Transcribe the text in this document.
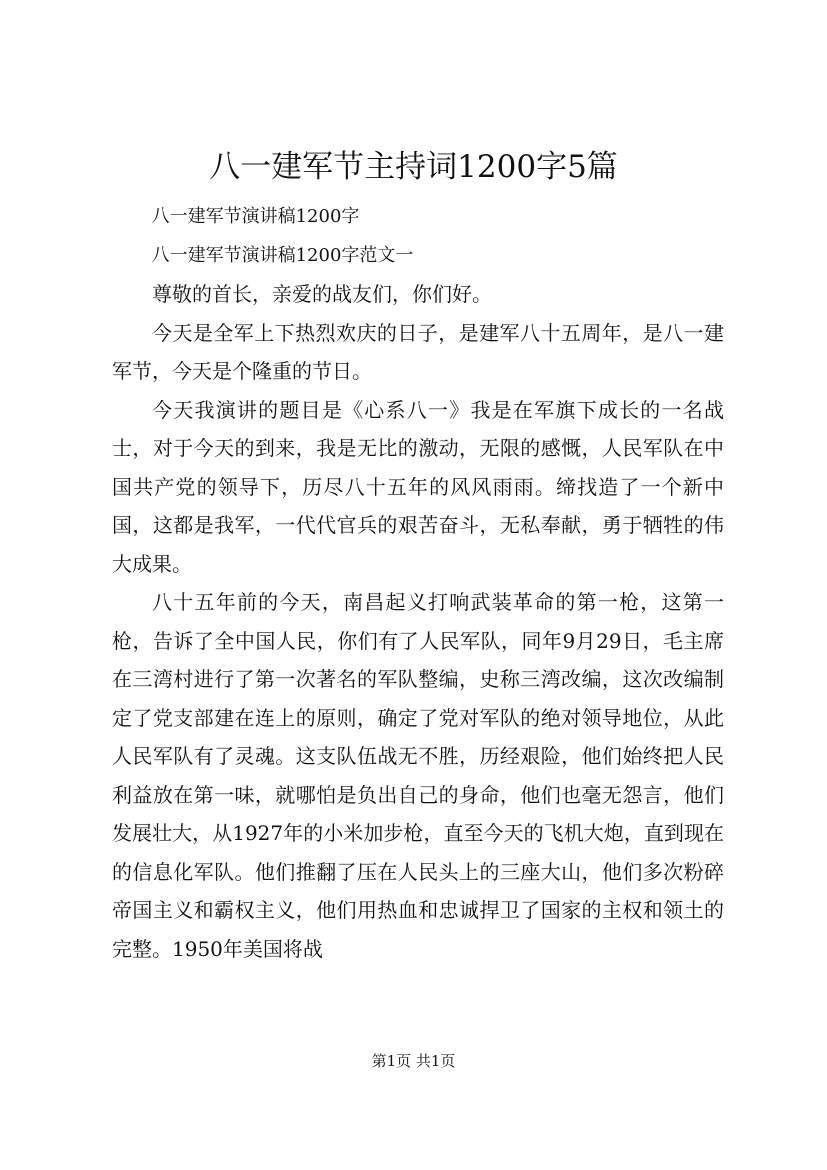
八一建军节主持词1200字5篇

八一建军节演讲稿1200字

八一建军节演讲稿1200字范文一

尊敬的首长，亲爱的战友们，你们好。

今天是全军上下热烈欢庆的日子，是建军八十五周年，是八一建军节，今天是个隆重的节日。

今天我演讲的题目是《心系八一》我是在军旗下成长的一名战士，对于今天的到来，我是无比的激动，无限的感慨，人民军队在中国共产党的领导下，历尽八十五年的风风雨雨。缔找造了一个新中国，这都是我军，一代代官兵的艰苦奋斗，无私奉献，勇于牺牲的伟大成果。

八十五年前的今天，南昌起义打响武装革命的第一枪，这第一枪，告诉了全中国人民，你们有了人民军队，同年9月29日，毛主席在三湾村进行了第一次著名的军队整编，史称三湾改编，这次改编制定了党支部建在连上的原则，确定了党对军队的绝对领导地位，从此人民军队有了灵魂。这支队伍战无不胜，历经艰险，他们始终把人民利益放在第一味，就哪怕是负出自己的身命，他们也毫无怨言，他们发展壮大，从1927年的小米加步枪，直至今天的飞机大炮，直到现在的信息化军队。他们推翻了压在人民头上的三座大山，他们多次粉碎帝国主义和霸权主义，他们用热血和忠诚捍卫了国家的主权和领土的完整。1950年美国将战

第1页 共1页
